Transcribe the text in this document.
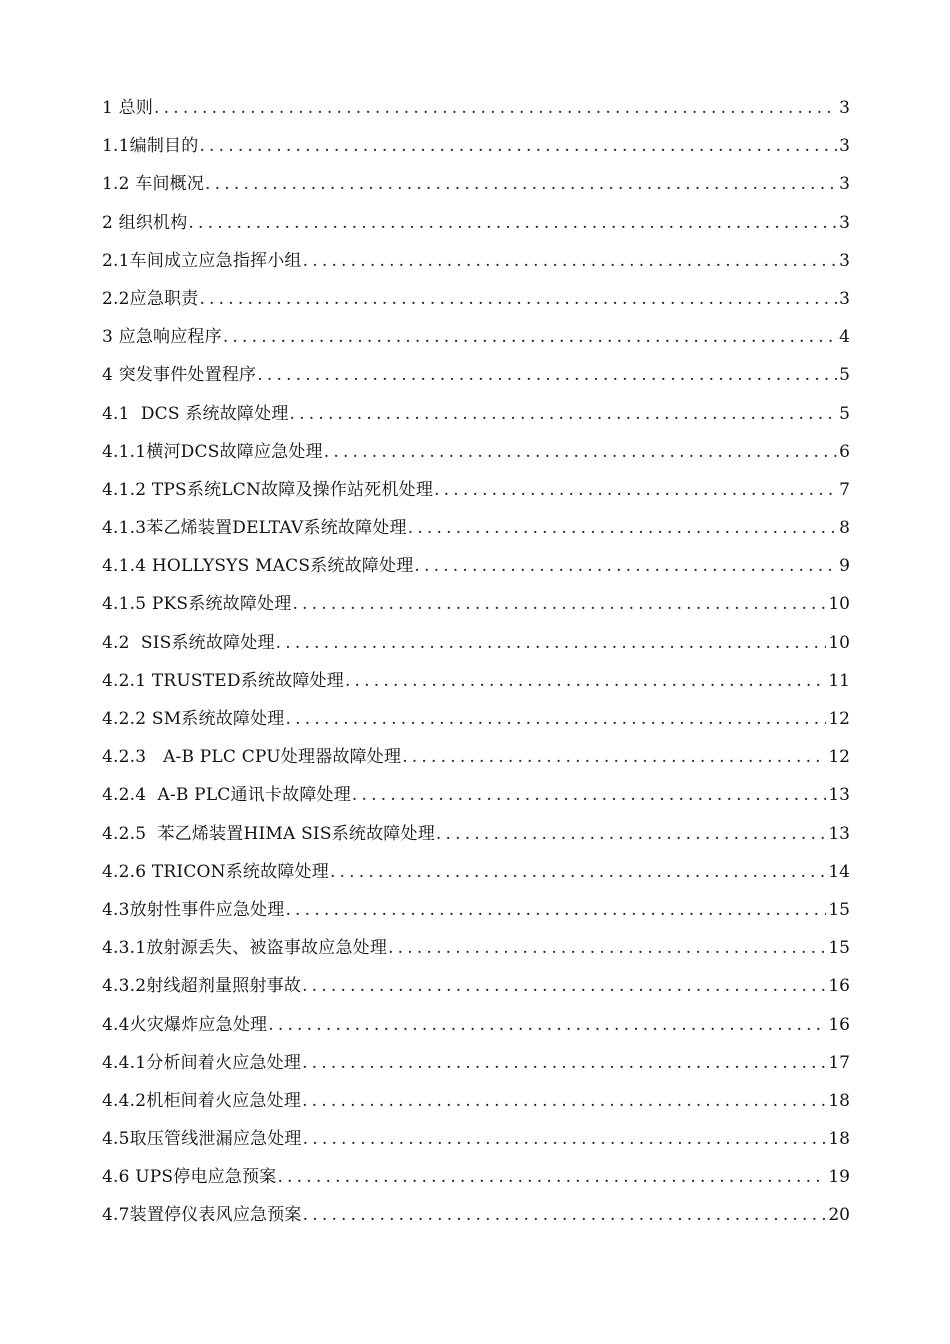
1 总则 .....	3
1.1编制目的 .....	3
1.2 车间概况 .....	3
2 组织机构 .....	3
2.1车间成立应急指挥小组 .....	3
2.2应急职责 .....	3
3 应急响应程序 .....	4
4 突发事件处置程序 .....	5
4.1  DCS 系统故障处理 .....	5
4.1.1横河DCS故障应急处理 .....	6
4.1.2 TPS系统LCN故障及操作站死机处理 .....	7
4.1.3苯乙烯装置DELTAV系统故障处理 .....	8
4.1.4 HOLLYSYS MACS系统故障处理 .....	9
4.1.5 PKS系统故障处理 .....	10
4.2  SIS系统故障处理 .....	10
4.2.1 TRUSTED系统故障处理 .....	11
4.2.2 SM系统故障处理 .....	12
4.2.3   A-B PLC CPU处理器故障处理 .....	12
4.2.4  A-B PLC通讯卡故障处理 .....	13
4.2.5  苯乙烯装置HIMA SIS系统故障处理 .....	13
4.2.6 TRICON系统故障处理 .....	14
4.3放射性事件应急处理 .....	15
4.3.1放射源丢失、被盗事故应急处理 .....	15
4.3.2射线超剂量照射事故 .....	16
4.4火灾爆炸应急处理 .....	16
4.4.1分析间着火应急处理 .....	17
4.4.2机柜间着火应急处理 .....	18
4.5取压管线泄漏应急处理 .....	18
4.6 UPS停电应急预案 .....	19
4.7装置停仪表风应急预案 .....	20
